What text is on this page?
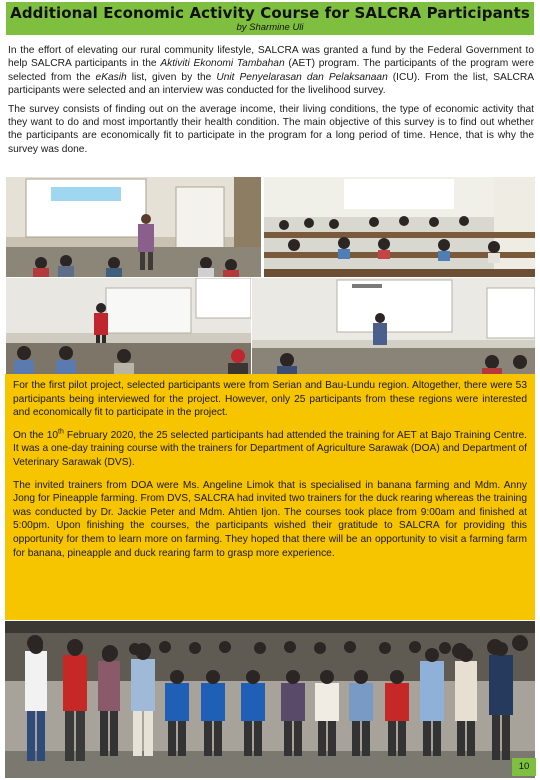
Additional Economic Activity Course for SALCRA Participants
by Sharmine Uli

In the effort of elevating our rural community lifestyle, SALCRA was granted a fund by the Federal Government to help SALCRA participants in the Aktiviti Ekonomi Tambahan (AET) program. The participants of the program were selected from the eKasih list, given by the Unit Penyelarasan dan Pelaksanaan (ICU). From the list, SALCRA participants were selected and an interview was conducted for the livelihood survey.

The survey consists of finding out on the average income, their living conditions, the type of economic activity that they want to do and most importantly their health condition. The main objective of this survey is to find out whether the participants are economically fit to participate in the program for a long period of time. Hence, that is why the survey was done.

For the first pilot project, selected participants were from Serian and Bau-Lundu region. Altogether, there were 53 participants being interviewed for the project. However, only 25 participants from these regions were interested and economically fit to participate in the project.

On the 10th February 2020, the 25 selected participants had attended the training for AET at Bajo Training Centre. It was a one-day training course with the trainers for Department of Agriculture Sarawak (DOA) and Department of Veterinary Sarawak (DVS).

The invited trainers from DOA were Ms. Angeline Limok that is specialised in banana farming and Mdm. Anny Jong for Pineapple farming. From DVS, SALCRA had invited two trainers for the duck rearing whereas the training was conducted by Dr. Jackie Peter and Mdm. Ahtien Ijon. The courses took place from 9:00am and finished at 5:00pm. Upon finishing the courses, the participants wished their gratitude to SALCRA for providing this opportunity for them to learn more on farming. They hoped that there will be an opportunity to visit a farming farm for banana, pineapple and duck rearing farm to grasp more experience.

10
